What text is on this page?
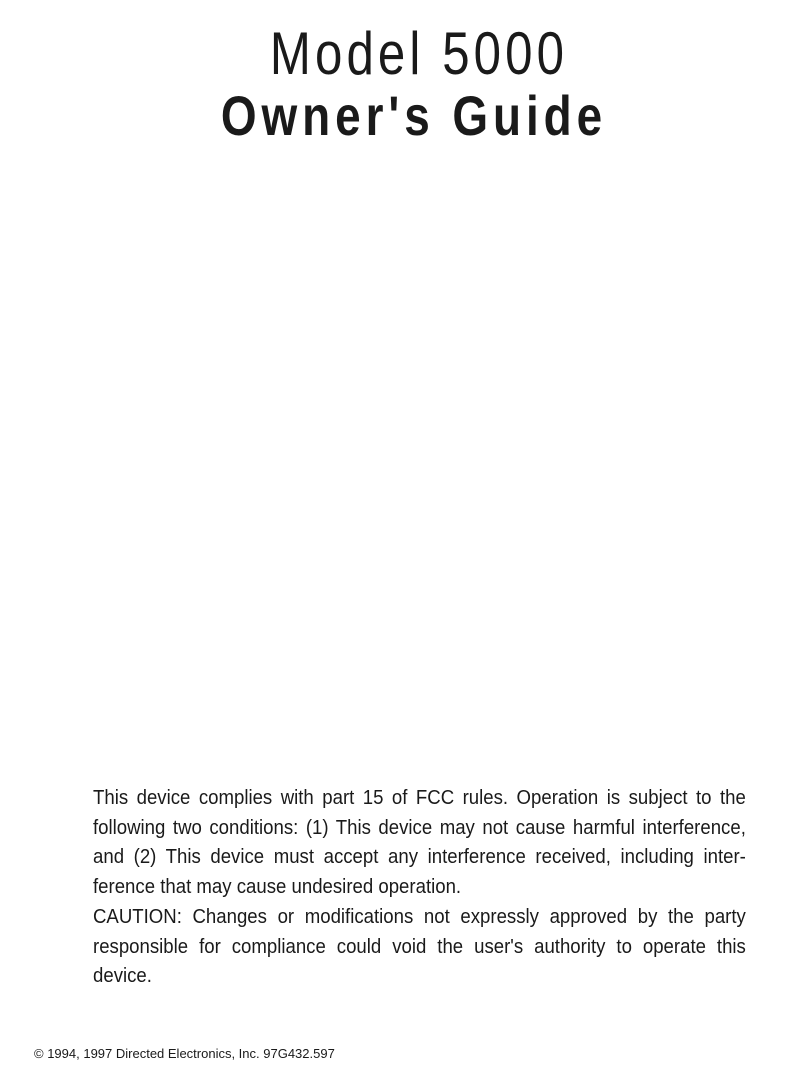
Model 5000
Owner's Guide

This device complies with part 15 of FCC rules. Operation is subject to the following two conditions: (1) This device may not cause harmful interference, and (2) This device must accept any interference received, including inter-ference that may cause undesired operation.

CAUTION: Changes or modifications not expressly approved by the party responsible for compliance could void the user's authority to operate this device.

© 1994, 1997 Directed Electronics, Inc. 97G432.597
